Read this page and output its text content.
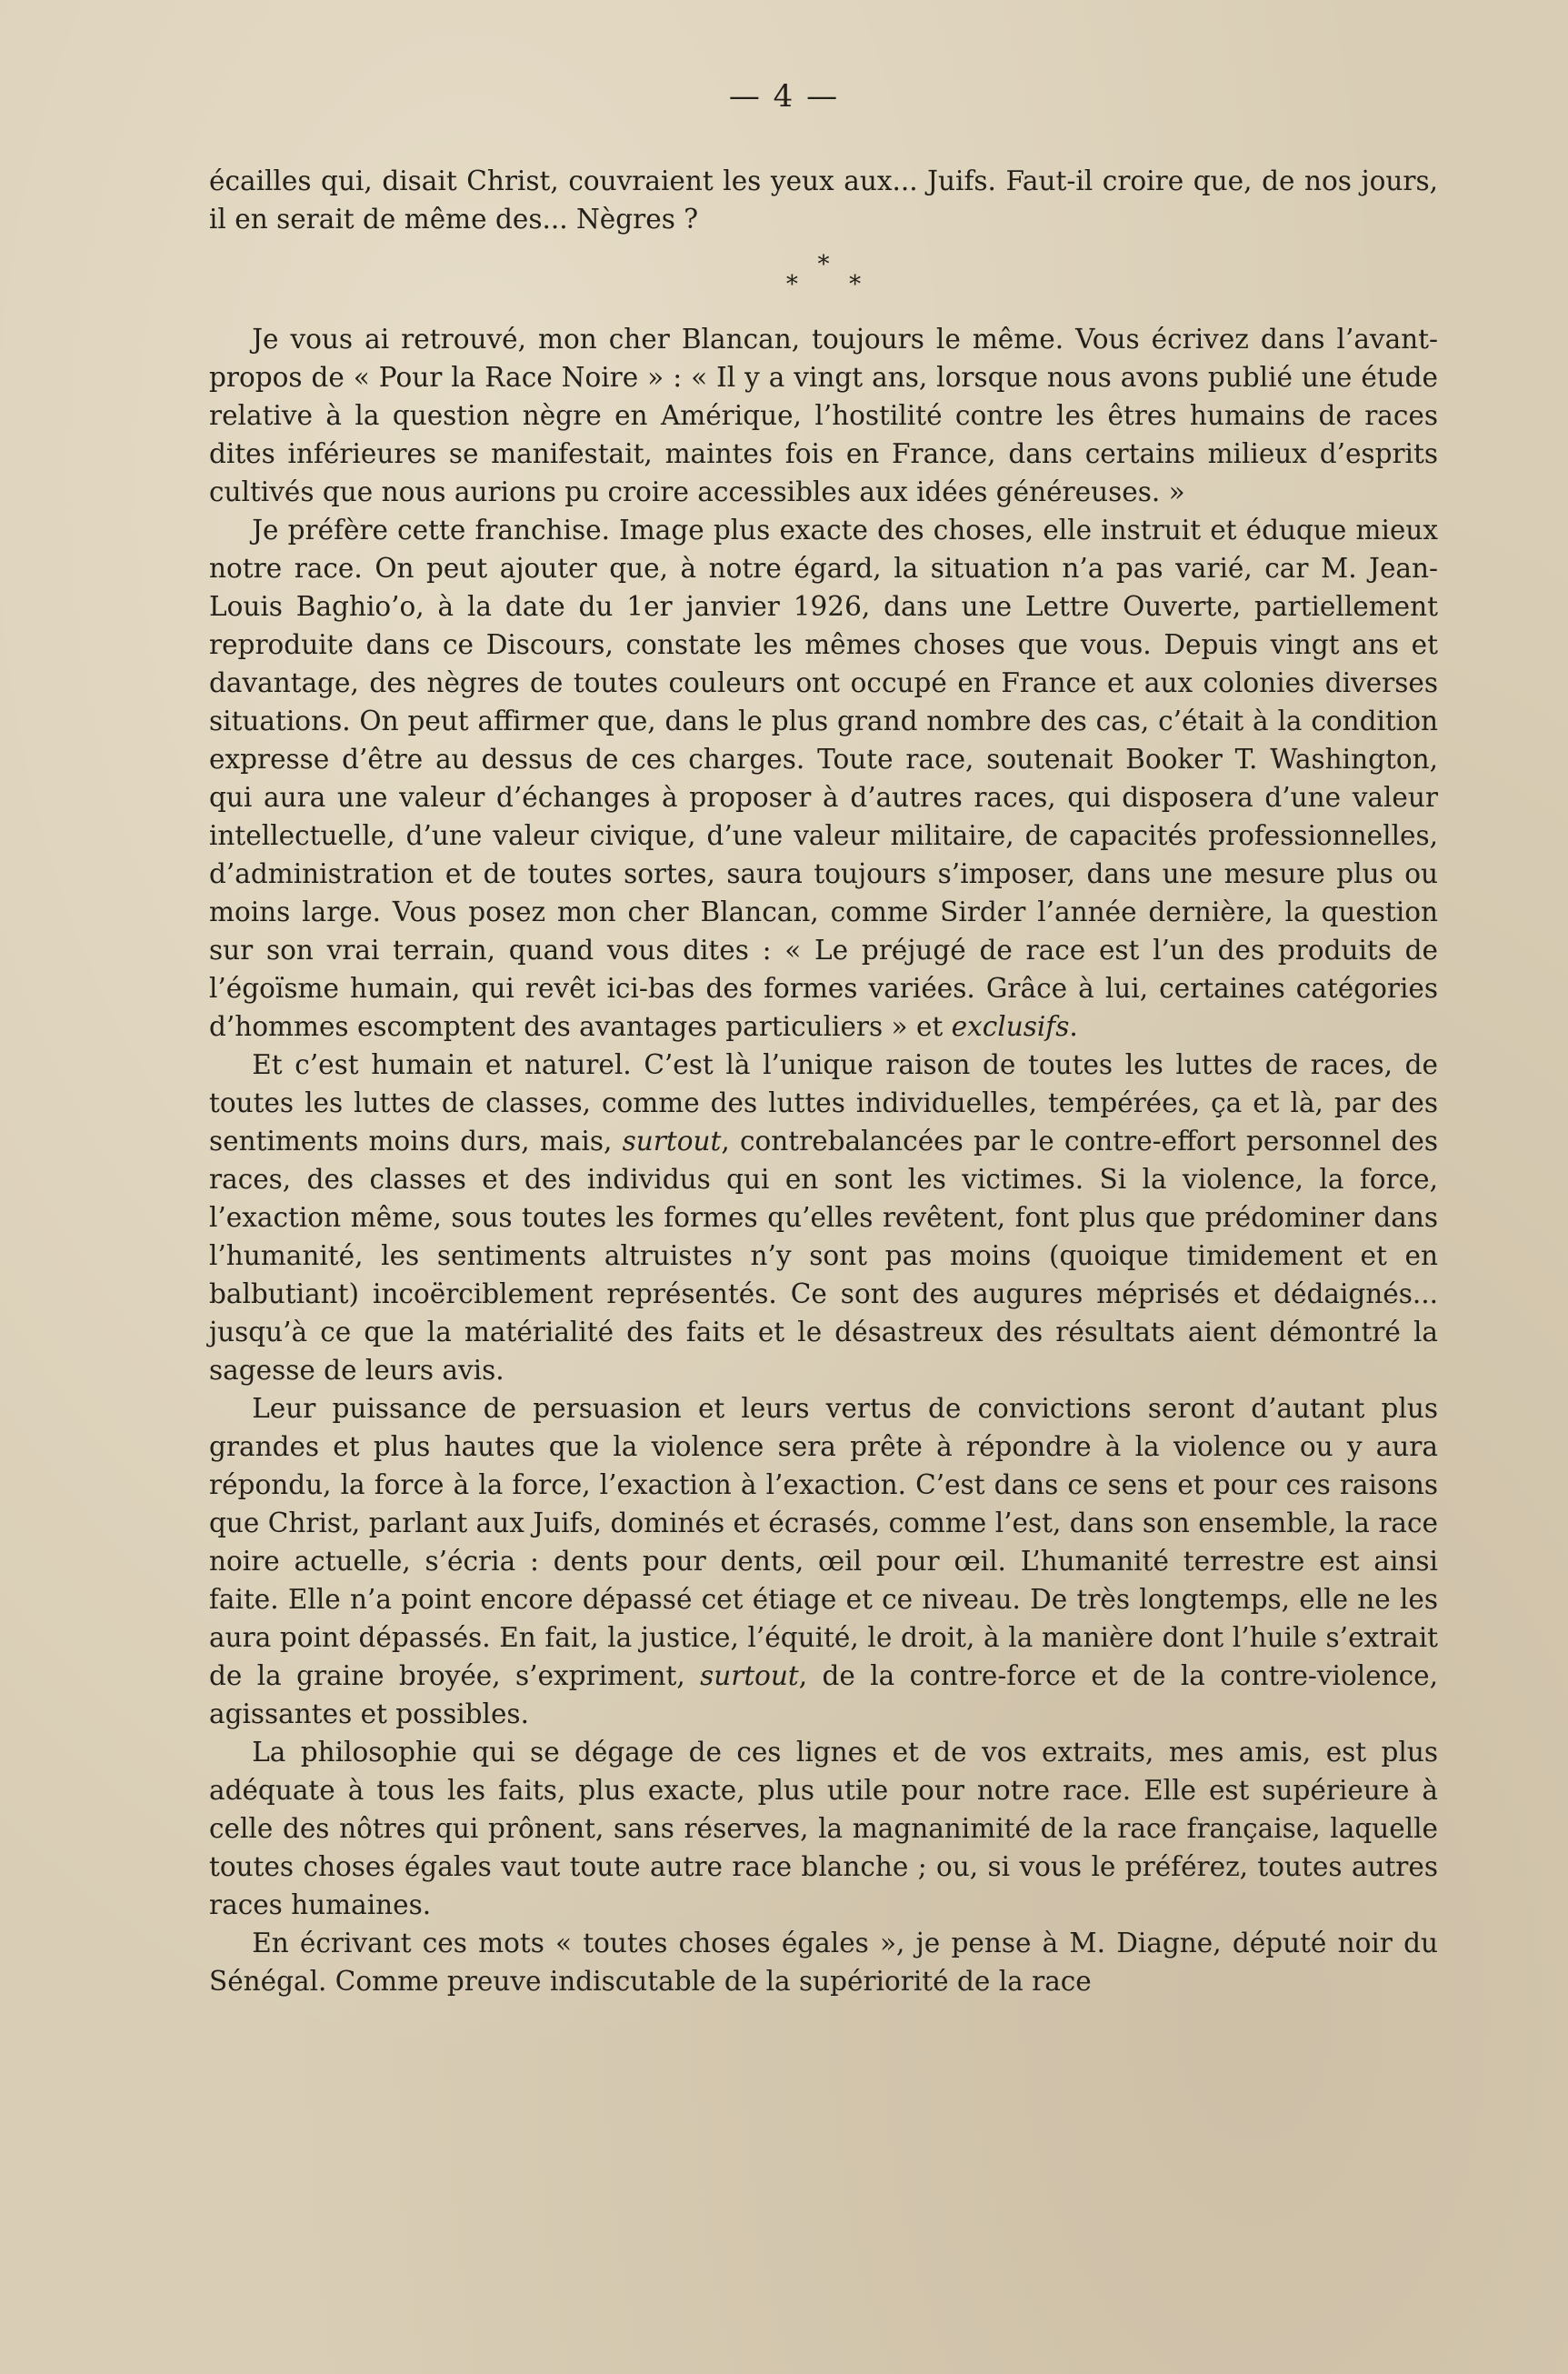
— 4 —

écailles qui, disait Christ, couvraient les yeux aux... Juifs. Faut-il croire que, de nos jours, il en serait de même des... Nègres ?

*
* *

Je vous ai retrouvé, mon cher Blancan, toujours le même. Vous écrivez dans l’avant-propos de « Pour la Race Noire » : « Il y a vingt ans, lorsque nous avons publié une étude relative à la question nègre en Amérique, l’hostilité contre les êtres humains de races dites inférieures se manifestait, maintes fois en France, dans certains milieux d’esprits cultivés que nous aurions pu croire accessibles aux idées généreuses. »

Je préfère cette franchise. Image plus exacte des choses, elle instruit et éduque mieux notre race. On peut ajouter que, à notre égard, la situation n’a pas varié, car M. Jean-Louis Baghio’o, à la date du 1er janvier 1926, dans une Lettre Ouverte, partiellement reproduite dans ce Discours, constate les mêmes choses que vous. Depuis vingt ans et davantage, des nègres de toutes couleurs ont occupé en France et aux colonies diverses situations. On peut affirmer que, dans le plus grand nombre des cas, c’était à la condition expresse d’être au dessus de ces charges. Toute race, soutenait Booker T. Washington, qui aura une valeur d’échanges à proposer à d’autres races, qui disposera d’une valeur intellectuelle, d’une valeur civique, d’une valeur militaire, de capacités professionnelles, d’administration et de toutes sortes, saura toujours s’imposer, dans une mesure plus ou moins large. Vous posez mon cher Blancan, comme Sirder l’année dernière, la question sur son vrai terrain, quand vous dites : « Le préjugé de race est l’un des produits de l’égoïsme humain, qui revêt ici-bas des formes variées. Grâce à lui, certaines catégories d’hommes escomptent des avantages particuliers » et exclusifs.

Et c’est humain et naturel. C’est là l’unique raison de toutes les luttes de races, de toutes les luttes de classes, comme des luttes individuelles, tempérées, ça et là, par des sentiments moins durs, mais, surtout, contrebalancées par le contre-effort personnel des races, des classes et des individus qui en sont les victimes. Si la violence, la force, l’exaction même, sous toutes les formes qu’elles revêtent, font plus que prédominer dans l’humanité, les sentiments altruistes n’y sont pas moins (quoique timidement et en balbutiant) incoërciblement représentés. Ce sont des augures méprisés et dédaignés... jusqu’à ce que la matérialité des faits et le désastreux des résultats aient démontré la sagesse de leurs avis.

Leur puissance de persuasion et leurs vertus de convictions seront d’autant plus grandes et plus hautes que la violence sera prête à répondre à la violence ou y aura répondu, la force à la force, l’exaction à l’exaction. C’est dans ce sens et pour ces raisons que Christ, parlant aux Juifs, dominés et écrasés, comme l’est, dans son ensemble, la race noire actuelle, s’écria : dents pour dents, œil pour œil. L’humanité terrestre est ainsi faite. Elle n’a point encore dépassé cet étiage et ce niveau. De très longtemps, elle ne les aura point dépassés. En fait, la justice, l’équité, le droit, à la manière dont l’huile s’extrait de la graine broyée, s’expriment, surtout, de la contre-force et de la contre-violence, agissantes et possibles.

La philosophie qui se dégage de ces lignes et de vos extraits, mes amis, est plus adéquate à tous les faits, plus exacte, plus utile pour notre race. Elle est supérieure à celle des nôtres qui prônent, sans réserves, la magnanimité de la race française, laquelle toutes choses égales vaut toute autre race blanche ; ou, si vous le préférez, toutes autres races humaines.

En écrivant ces mots « toutes choses égales », je pense à M. Diagne, député noir du Sénégal. Comme preuve indiscutable de la supériorité de la race
